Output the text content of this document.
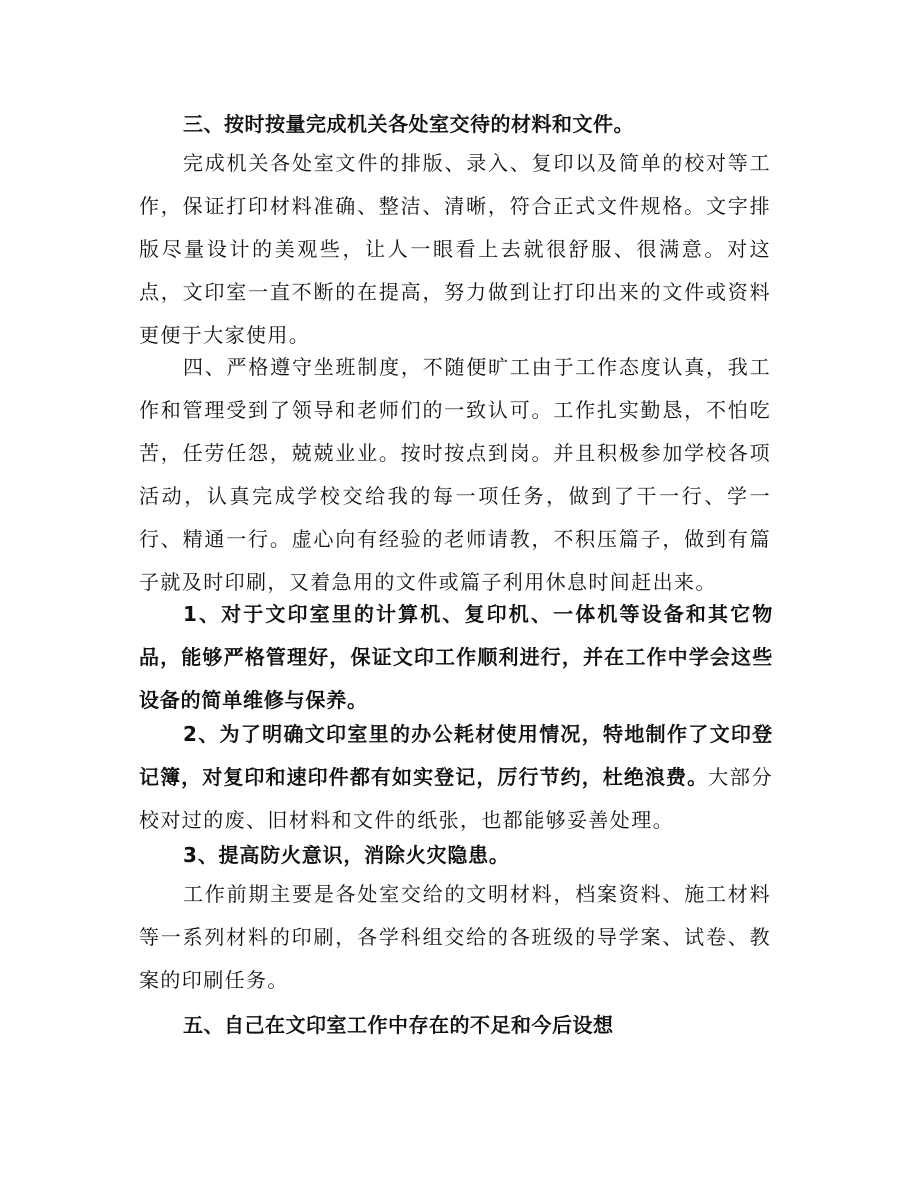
三、按时按量完成机关各处室交待的材料和文件。

完成机关各处室文件的排版、录入、复印以及简单的校对等工作，保证打印材料准确、整洁、清晰，符合正式文件规格。文字排版尽量设计的美观些，让人一眼看上去就很舒服、很满意。对这点，文印室一直不断的在提高，努力做到让打印出来的文件或资料更便于大家使用。

四、严格遵守坐班制度，不随便旷工由于工作态度认真，我工作和管理受到了领导和老师们的一致认可。工作扎实勤恳，不怕吃苦，任劳任怨，兢兢业业。按时按点到岗。并且积极参加学校各项活动，认真完成学校交给我的每一项任务，做到了干一行、学一行、精通一行。虚心向有经验的老师请教，不积压篇子，做到有篇子就及时印刷，又着急用的文件或篇子利用休息时间赶出来。

1、对于文印室里的计算机、复印机、一体机等设备和其它物品，能够严格管理好，保证文印工作顺利进行，并在工作中学会这些设备的简单维修与保养。

2、为了明确文印室里的办公耗材使用情况，特地制作了文印登记簿，对复印和速印件都有如实登记，厉行节约，杜绝浪费。大部分校对过的废、旧材料和文件的纸张，也都能够妥善处理。

3、提高防火意识，消除火灾隐患。

工作前期主要是各处室交给的文明材料，档案资料、施工材料等一系列材料的印刷，各学科组交给的各班级的导学案、试卷、教案的印刷任务。

五、自己在文印室工作中存在的不足和今后设想
